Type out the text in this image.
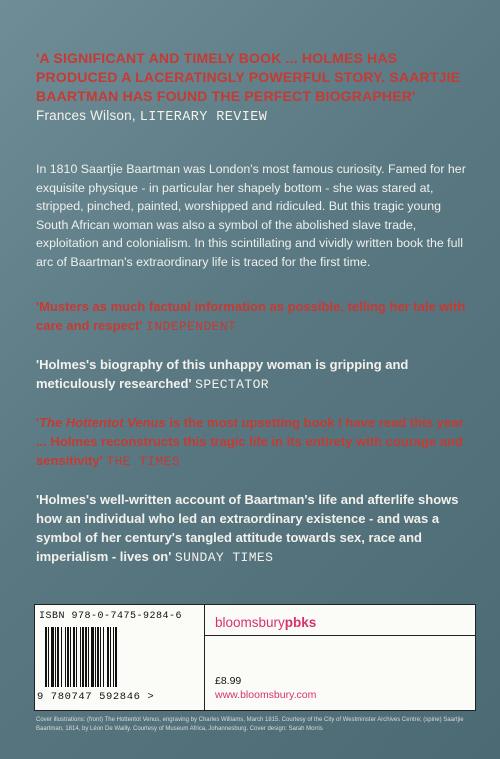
'A SIGNIFICANT AND TIMELY BOOK ... HOLMES HAS PRODUCED A LACERATINGLY POWERFUL STORY. SAARTJIE BAARTMAN HAS FOUND THE PERFECT BIOGRAPHER'
Frances Wilson, LITERARY REVIEW
In 1810 Saartjie Baartman was London's most famous curiosity. Famed for her exquisite physique - in particular her shapely bottom - she was stared at, stripped, pinched, painted, worshipped and ridiculed. But this tragic young South African woman was also a symbol of the abolished slave trade, exploitation and colonialism. In this scintillating and vividly written book the full arc of Baartman's extraordinary life is traced for the first time.
'Musters as much factual information as possible, telling her tale with care and respect' INDEPENDENT
'Holmes's biography of this unhappy woman is gripping and meticulously researched' SPECTATOR
'The Hottentot Venus is the most upsetting book I have read this year ... Holmes reconstructs this tragic life in its entirety with courage and sensitivity' THE TIMES
'Holmes's well-written account of Baartman's life and afterlife shows how an individual who led an extraordinary existence - and was a symbol of her century's tangled attitude towards sex, race and imperialism - lives on' SUNDAY TIMES
ISBN 978-0-7475-9284-6
9 780747 592846 >
bloomsburypbks
£8.99
www.bloomsbury.com
Cover illustrations: (front) The Hottentot Venus, engraving by Charles Williams, March 1815. Courtesy of the City of Westminster Archives Centre; (spine) Saartjie Baartman, 1814, by Léon De Wailly. Courtesy of Museum Africa, Johannesburg. Cover design: Sarah Morris
